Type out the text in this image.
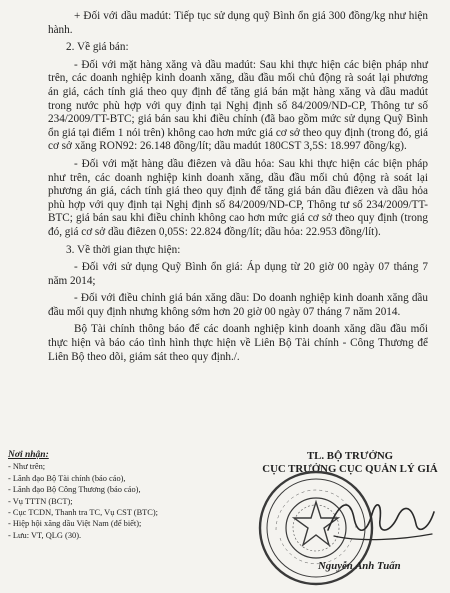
+ Đối với dầu madút: Tiếp tục sử dụng quỹ Bình ổn giá 300 đồng/kg như hiện hành.

2. Về giá bán:

- Đối với mặt hàng xăng và dầu madút: Sau khi thực hiện các biện pháp như trên, các doanh nghiệp kinh doanh xăng, dầu đầu mối chủ động rà soát lại phương án giá, cách tính giá theo quy định để tăng giá bán mặt hàng xăng và dầu madút trong nước phù hợp với quy định tại Nghị định số 84/2009/ND-CP, Thông tư số 234/2009/TT-BTC; giá bán sau khi điều chỉnh (đã bao gồm mức sử dụng Quỹ Bình ổn giá tại điểm 1 nói trên) không cao hơn mức giá cơ sở theo quy định (trong đó, giá cơ sở xăng RON92: 26.148 đồng/lít; dầu madút 180CST 3,5S: 18.997 đồng/kg).

- Đối với mặt hàng dầu điêzen và dầu hỏa: Sau khi thực hiện các biện pháp như trên, các doanh nghiệp kinh doanh xăng, dầu đầu mối chủ động rà soát lại phương án giá, cách tính giá theo quy định để tăng giá bán dầu điêzen và dầu hỏa phù hợp với quy định tại Nghị định số 84/2009/ND-CP, Thông tư số 234/2009/TT-BTC; giá bán sau khi điều chỉnh không cao hơn mức giá cơ sở theo quy định (trong đó, giá cơ sở dầu điêzen 0,05S: 22.824 đồng/lít; dầu hỏa: 22.953 đồng/lít).

3. Về thời gian thực hiện:

- Đối với sử dụng Quỹ Bình ổn giá: Áp dụng từ 20 giờ 00 ngày 07 tháng 7 năm 2014;

- Đối với điều chỉnh giá bán xăng dầu: Do doanh nghiệp kinh doanh xăng dầu đầu mối quy định nhưng không sớm hơn 20 giờ 00 ngày 07 tháng 7 năm 2014.

Bộ Tài chính thông báo để các doanh nghiệp kinh doanh xăng dầu đầu mối thực hiện và báo cáo tình hình thực hiện về Liên Bộ Tài chính - Công Thương để Liên Bộ theo dõi, giám sát theo quy định./.

Nơi nhận:
- Như trên;
- Lãnh đạo Bộ Tài chính (báo cáo),
- Lãnh đạo Bộ Công Thương (báo cáo),
- Vụ TTTN (BCT);
- Cục TCDN, Thanh tra TC, Vụ CST (BTC);
- Hiệp hội xăng dầu Việt Nam (để biết);
- Lưu: VT, QLG (30).
TL. BỘ TRƯỞNG
CỤC TRƯỞNG CỤC QUẢN LÝ GIÁ
Nguyễn Anh Tuấn
